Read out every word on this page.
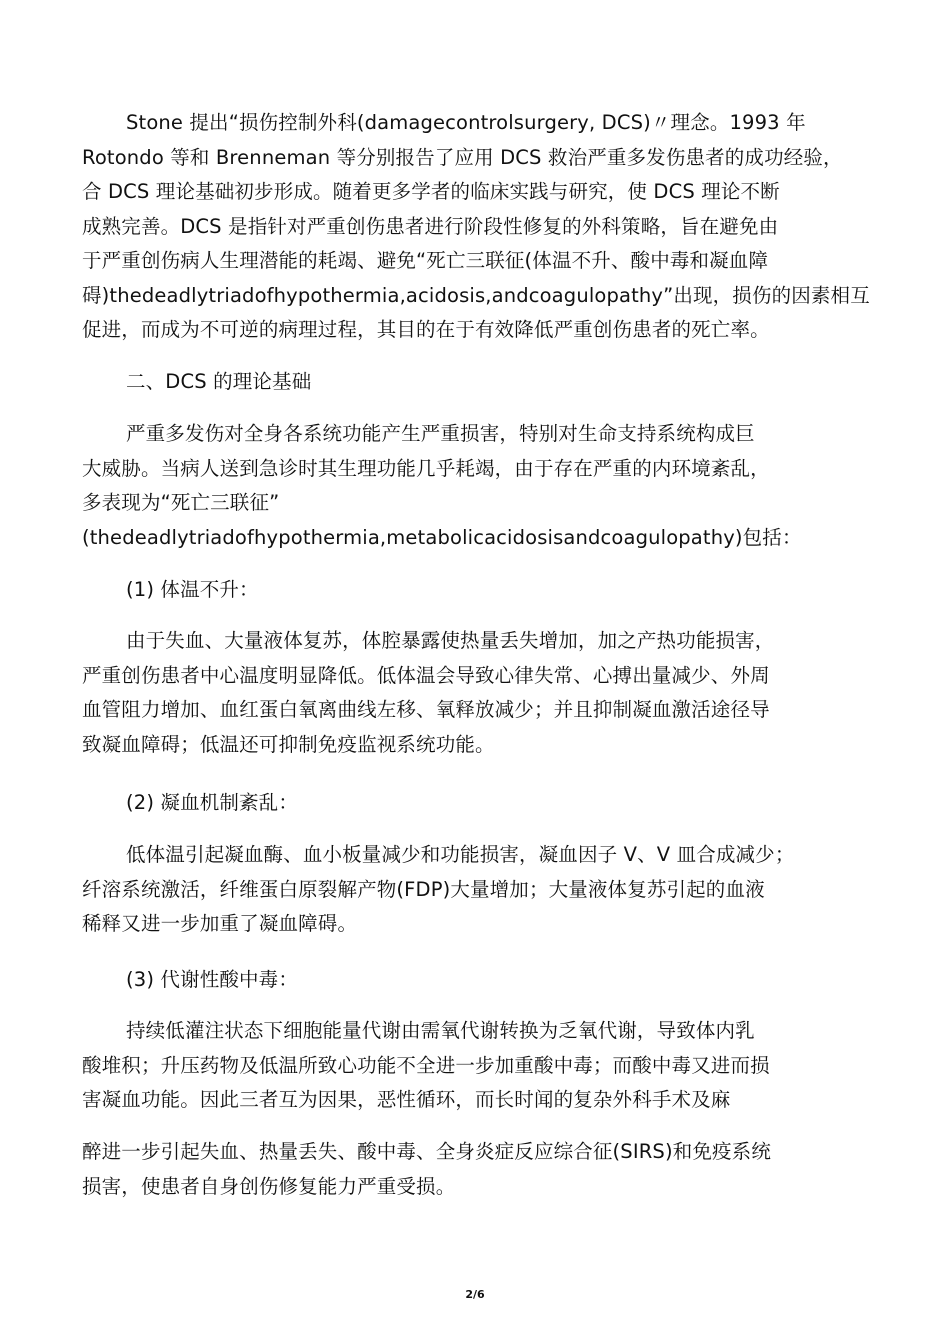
Stone 提出“损伤控制外科(damagecontrolsurgery, DCS)〃理念。1993 年
Rotondo 等和 Brenneman 等分别报告了应用 DCS 救治严重多发伤患者的成功经验，
合 DCS 理论基础初步形成。随着更多学者的临床实践与研究，使 DCS 理论不断
成熟完善。DCS 是指针对严重创伤患者进行阶段性修复的外科策略，旨在避免由
于严重创伤病人生理潜能的耗竭、避免“死亡三联征(体温不升、酸中毒和凝血障
碍)thedeadlytriadofhypothermia,acidosis,andcoagulopathy”出现，损伤的因素相互
促进，而成为不可逆的病理过程，其目的在于有效降低严重创伤患者的死亡率。
二、DCS 的理论基础
严重多发伤对全身各系统功能产生严重损害，特别对生命支持系统构成巨
大威胁。当病人送到急诊时其生理功能几乎耗竭，由于存在严重的内环境紊乱，
多表现为“死亡三联征”
(thedeadlytriadofhypothermia,metabolicacidosisandcoagulopathy)包括：
(1) 体温不升：
由于失血、大量液体复苏，体腔暴露使热量丢失增加，加之产热功能损害，
严重创伤患者中心温度明显降低。低体温会导致心律失常、心搏出量减少、外周
血管阻力增加、血红蛋白氧离曲线左移、氧释放减少；并且抑制凝血激活途径导
致凝血障碍；低温还可抑制免疫监视系统功能。
(2) 凝血机制紊乱：
低体温引起凝血酶、血小板量减少和功能损害，凝血因子 V、V 皿合成减少；
纤溶系统激活，纤维蛋白原裂解产物(FDP)大量增加；大量液体复苏引起的血液
稀释又进一步加重了凝血障碍。
(3) 代谢性酸中毒：
持续低灌注状态下细胞能量代谢由需氧代谢转换为乏氧代谢，导致体内乳
酸堆积；升压药物及低温所致心功能不全进一步加重酸中毒；而酸中毒又进而损
害凝血功能。因此三者互为因果，恶性循环，而长时闻的复杂外科手术及麻
醉进一步引起失血、热量丢失、酸中毒、全身炎症反应综合征(SIRS)和免疫系统
损害，使患者自身创伤修复能力严重受损。
2/6
